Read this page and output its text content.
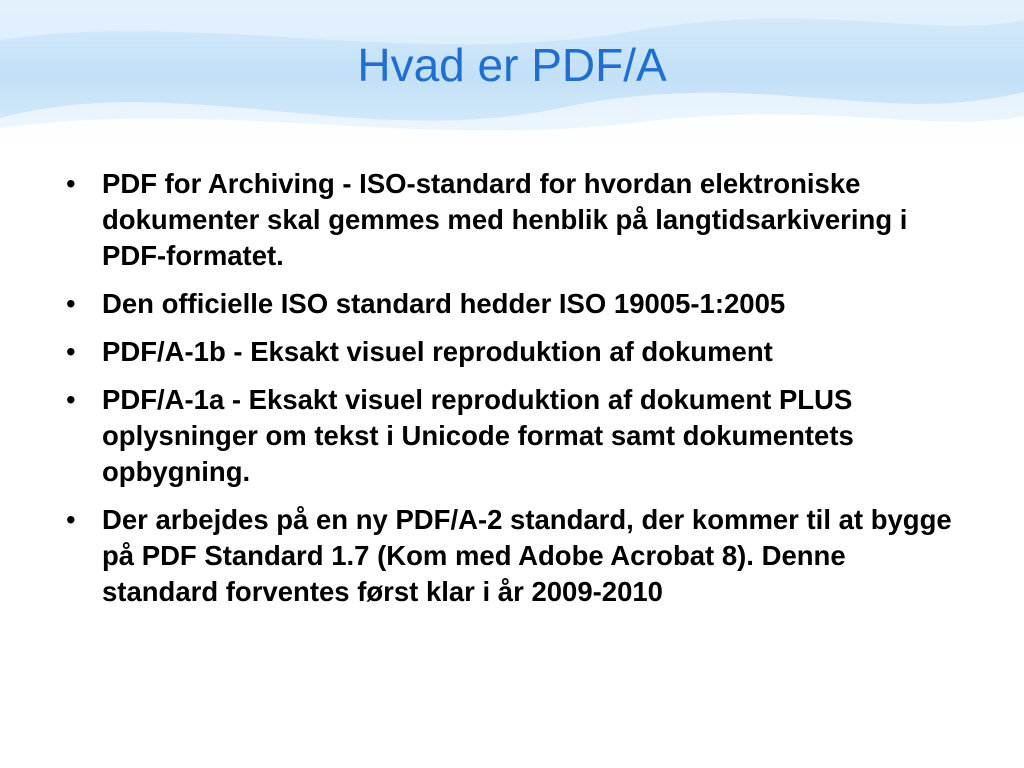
Hvad er PDF/A
• PDF for Archiving - ISO-standard for hvordan elektroniske dokumenter skal gemmes med henblik på langtidsarkivering i PDF-formatet.
• Den officielle ISO standard hedder ISO 19005-1:2005
• PDF/A-1b - Eksakt visuel reproduktion af dokument
• PDF/A-1a - Eksakt visuel reproduktion af dokument PLUS oplysninger om tekst i Unicode format samt dokumentets opbygning.
• Der arbejdes på en ny PDF/A-2 standard, der kommer til at bygge på PDF Standard 1.7 (Kom med Adobe Acrobat 8). Denne standard forventes først klar i år 2009-2010
